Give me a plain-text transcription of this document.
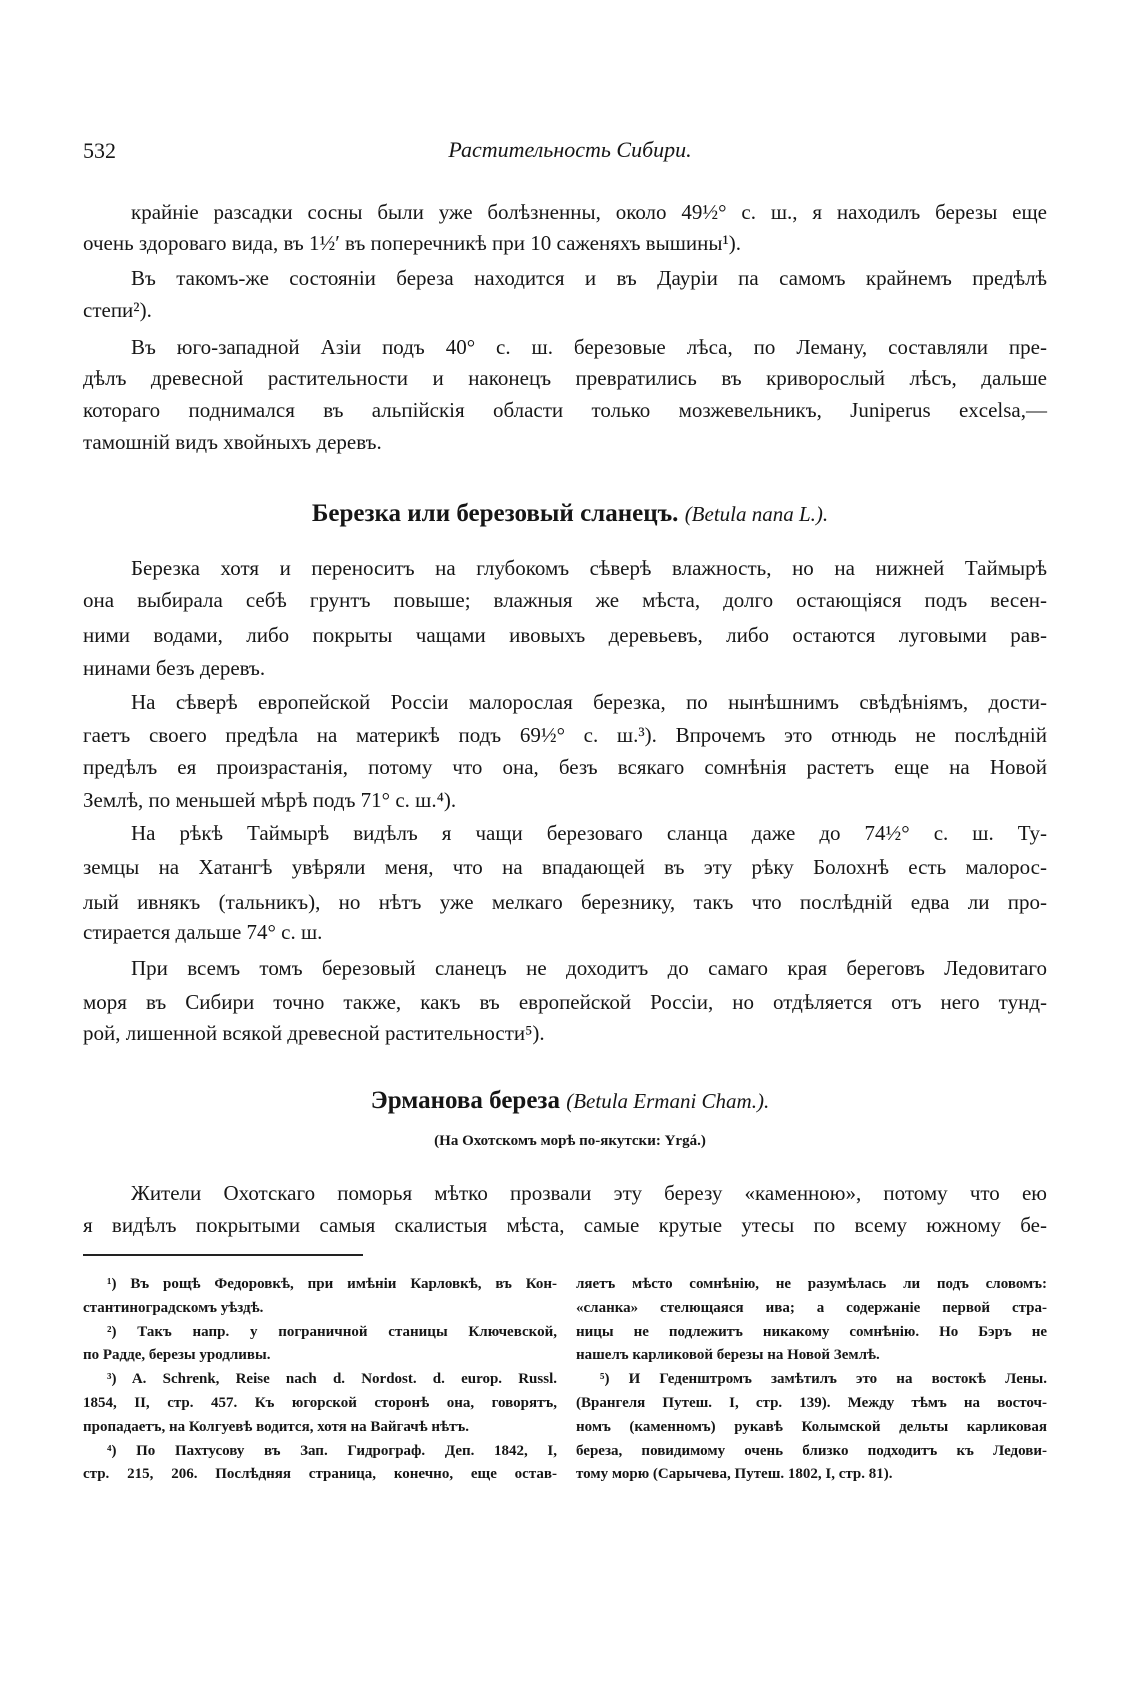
532	Растительность Сибири.
Березка или березовый сланецъ. (Betula nana L.).
Эрманова береза (Betula Ermani Cham.).
(На Охотскомъ морѣ по-якутски: Yrgá.)
крайніе разсадки сосны были уже болѣзненны, около 49½° с. ш., я находилъ березы еще
очень здороваго вида, въ 1½′ въ поперечникѣ при 10 саженяхъ вышины¹).
Въ такомъ-же состояніи береза находится и въ Дауріи па самомъ крайнемъ предѣлѣ
степи²).
Въ юго-западной Азіи подъ 40° с. ш. березовые лѣса, по Леману, составляли пре-
дѣлъ древесной растительности и наконецъ превратились въ криворослый лѣсъ, дальше
котораго поднимался въ альпійскія области только мозжевельникъ, Juniperus excelsa,—
тамошній видъ хвойныхъ деревъ.
Березка хотя и переноситъ на глубокомъ сѣверѣ влажность, но на нижней Таймырѣ
она выбирала себѣ грунтъ повыше; влажныя же мѣста, долго остающіяся подъ весен-
ними водами, либо покрыты чащами ивовыхъ деревьевъ, либо остаются луговыми рав-
нинами безъ деревъ.
На сѣверѣ европейской Россіи малорослая березка, по нынѣшнимъ свѣдѣніямъ, дости-
гаетъ своего предѣла на материкѣ подъ 69½° с. ш.³). Впрочемъ это отнюдь не послѣдній
предѣлъ ея произрастанія, потому что она, безъ всякаго сомнѣнія растетъ еще на Новой
Землѣ, по меньшей мѣрѣ подъ 71° с. ш.⁴).
На рѣкѣ Таймырѣ видѣлъ я чащи березоваго сланца даже до 74½° с. ш. Ту-
земцы на Хатангѣ увѣряли меня, что на впадающей въ эту рѣку Болохнѣ есть малорос-
лый ивнякъ (тальникъ), но нѣтъ уже мелкаго березнику, такъ что послѣдній едва ли про-
стирается дальше 74° с. ш.
При всемъ томъ березовый сланецъ не доходитъ до самаго края береговъ Ледовитаго
моря въ Сибири точно также, какъ въ европейской Россіи, но отдѣляется отъ него тунд-
рой, лишенной всякой древесной растительности⁵).
Жители Охотскаго поморья мѣтко прозвали эту березу «каменною», потому что ею
я видѣлъ покрытыми самыя скалистыя мѣста, самые крутые утесы по всему южному бе-
¹) Въ рощѣ Федоровкѣ, при имѣніи Карловкѣ, въ Кон-
стантиноградскомъ уѣздѣ.
²) Такъ напр. у пограничной станицы Ключевской,
по Радде, березы уродливы.
³) A. Schrenk, Reise nach d. Nordost. d. europ. Russl.
1854, II, стр. 457. Къ югорской сторонѣ она, говорятъ,
пропадаетъ, на Колгуевѣ водится, хотя на Вайгачѣ нѣтъ.
⁴) По Пахтусову въ Зап. Гидрограф. Деп. 1842, I,
стр. 215, 206. Послѣдняя страница, конечно, еще остав-
ляетъ мѣсто сомнѣнію, не разумѣлась ли подъ словомъ:
«сланка» стелющаяся ива; а содержаніе первой стра-
ницы не подлежитъ никакому сомнѣнію. Но Бэръ не
нашелъ карликовой березы на Новой Землѣ.
⁵) И Геденштромъ замѣтилъ это на востокѣ Лены.
(Врангеля Путеш. I, стр. 139). Между тѣмъ на восточ-
номъ (каменномъ) рукавѣ Колымской дельты карликовая
береза, повидимому очень близко подходитъ къ Ледови-
тому морю (Сарычева, Путеш. 1802, I, стр. 81).
